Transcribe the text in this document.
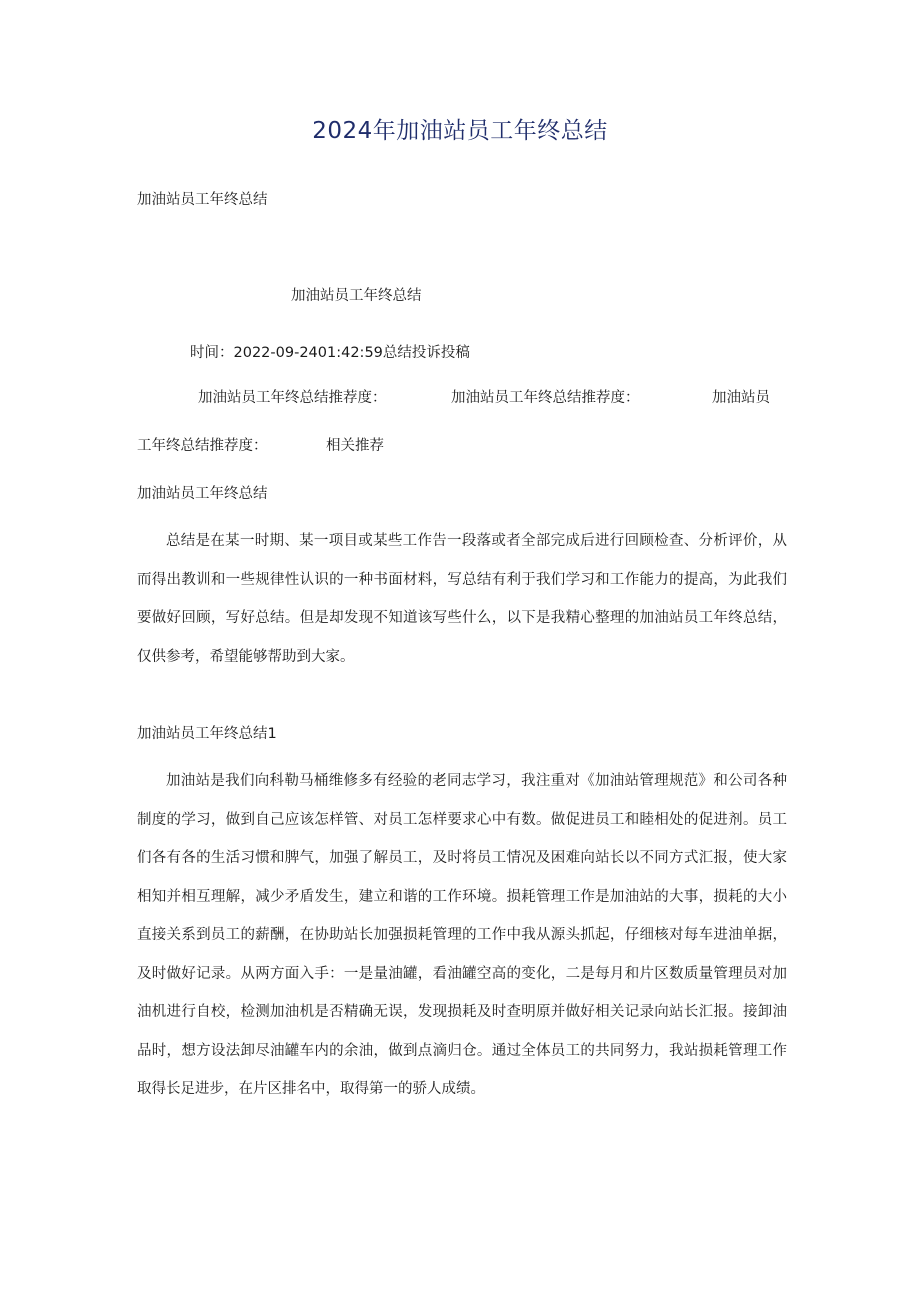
2024年加油站员工年终总结
加油站员工年终总结
加油站员工年终总结
时间：2022-09-2401:42:59总结投诉投稿
加油站员工年终总结推荐度：	加油站员工年终总结推荐度：	加油站员
工年终总结推荐度：	相关推荐
加油站员工年终总结
总结是在某一时期、某一项目或某些工作告一段落或者全部完成后进行回顾检查、分析评价，从而得出教训和一些规律性认识的一种书面材料，写总结有利于我们学习和工作能力的提高，为此我们要做好回顾，写好总结。但是却发现不知道该写些什么，以下是我精心整理的加油站员工年终总结，仅供参考，希望能够帮助到大家。
加油站员工年终总结1
加油站是我们向科勒马桶维修多有经验的老同志学习，我注重对《加油站管理规范》和公司各种制度的学习，做到自己应该怎样管、对员工怎样要求心中有数。做促进员工和睦相处的促进剂。员工们各有各的生活习惯和脾气，加强了解员工，及时将员工情况及困难向站长以不同方式汇报，使大家相知并相互理解，减少矛盾发生，建立和谐的工作环境。损耗管理工作是加油站的大事，损耗的大小直接关系到员工的薪酬，在协助站长加强损耗管理的工作中我从源头抓起，仔细核对每车进油单据，及时做好记录。从两方面入手：一是量油罐，看油罐空高的变化，二是每月和片区数质量管理员对加油机进行自校，检测加油机是否精确无误，发现损耗及时查明原并做好相关记录向站长汇报。接卸油品时，想方设法卸尽油罐车内的余油，做到点滴归仓。通过全体员工的共同努力，我站损耗管理工作取得长足进步，在片区排名中，取得第一的骄人成绩。
